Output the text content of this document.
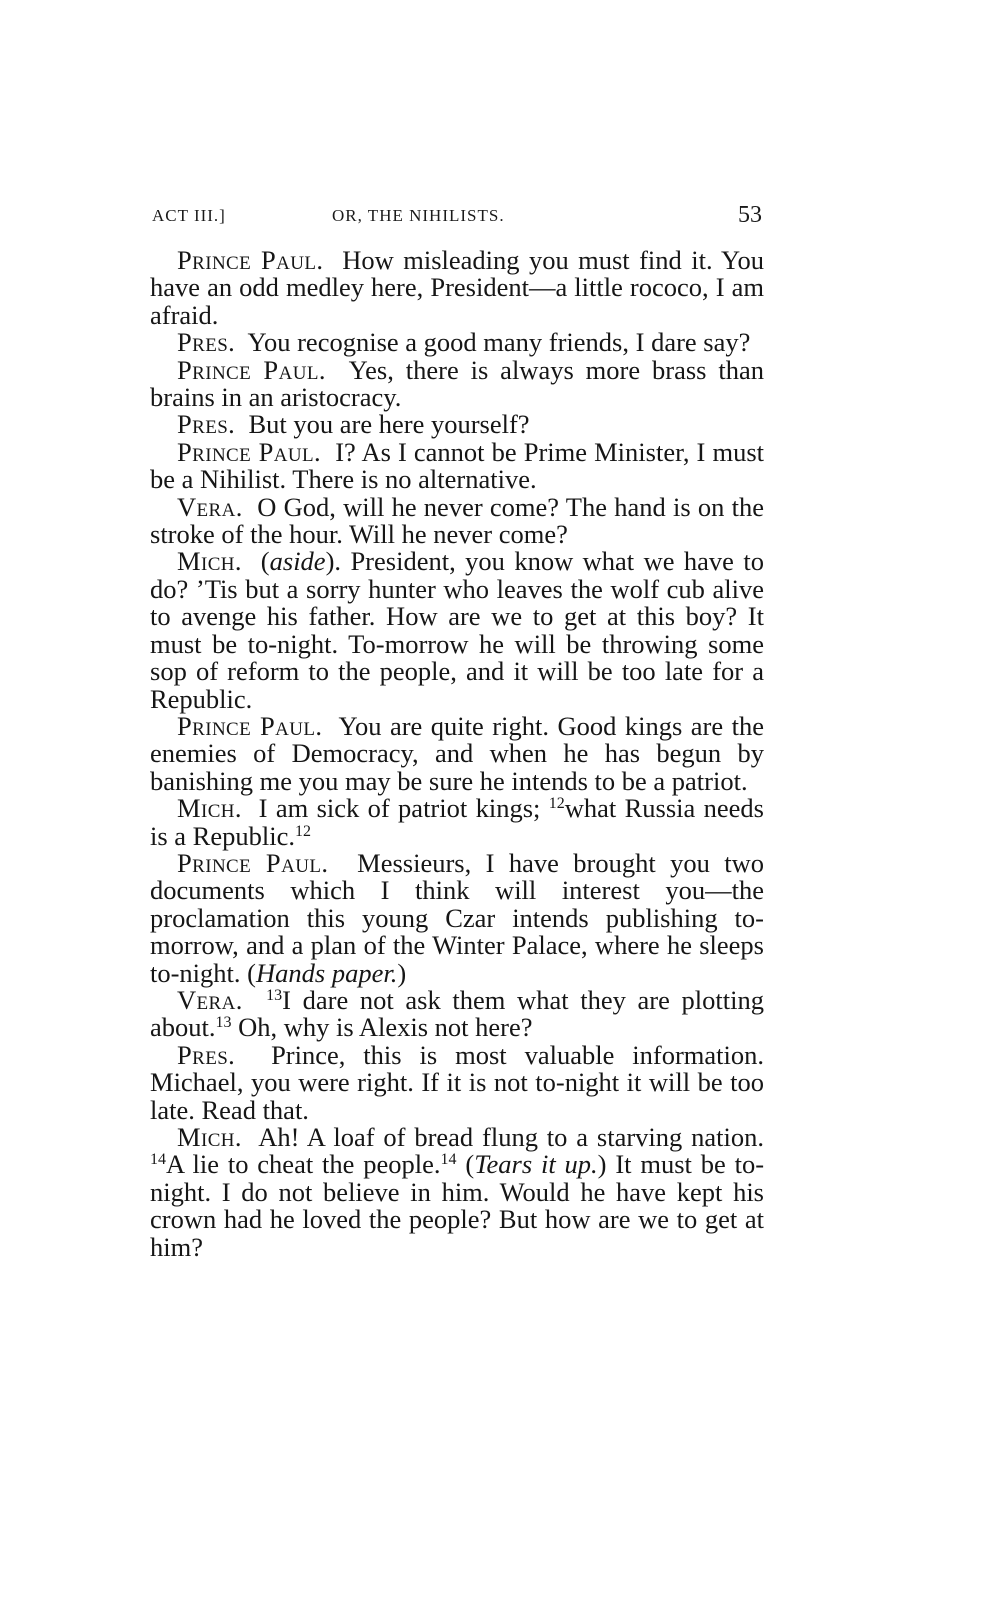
ACT III.]	OR, THE NIHILISTS.	53

Prince Paul. How misleading you must find it. You have an odd medley here, President—a little rococo, I am afraid.

Pres. You recognise a good many friends, I dare say?

Prince Paul. Yes, there is always more brass than brains in an aristocracy.

Pres. But you are here yourself?

Prince Paul. I? As I cannot be Prime Minister, I must be a Nihilist. There is no alternative.

Vera. O God, will he never come? The hand is on the stroke of the hour. Will he never come?

Mich. (aside). President, you know what we have to do? ’Tis but a sorry hunter who leaves the wolf cub alive to avenge his father. How are we to get at this boy? It must be to-night. To-morrow he will be throwing some sop of reform to the people, and it will be too late for a Republic.

Prince Paul. You are quite right. Good kings are the enemies of Democracy, and when he has begun by banishing me you may be sure he intends to be a patriot.

Mich. I am sick of patriot kings; $^{12}$what Russia needs is a Republic.$^{12}$

Prince Paul. Messieurs, I have brought you two documents which I think will interest you—the proclamation this young Czar intends publishing to-morrow, and a plan of the Winter Palace, where he sleeps to-night. (Hands paper.)

Vera. $^{13}$I dare not ask them what they are plotting about.$^{13}$ Oh, why is Alexis not here?

Pres. Prince, this is most valuable information. Michael, you were right. If it is not to-night it will be too late. Read that.

Mich. Ah! A loaf of bread flung to a starving nation. $^{14}$A lie to cheat the people.$^{14}$ (Tears it up.) It must be to-night. I do not believe in him. Would he have kept his crown had he loved the people? But how are we to get at him?
